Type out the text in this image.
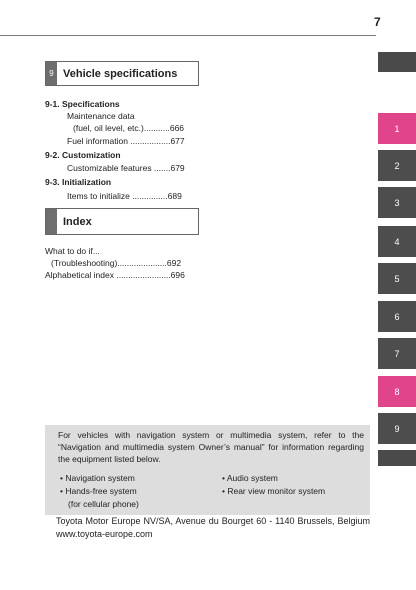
7
1
2
3
4
5
6
7
8
9
9 Vehicle specifications
9-1. Specifications
Maintenance data
(fuel, oil level, etc.)...........666
Fuel information .................677
9-2. Customization
Customizable features .......679
9-3. Initialization
Items to initialize ...............689
Index
What to do if...
(Troubleshooting).....................692
Alphabetical index .......................696
For vehicles with navigation system or multimedia system, refer to the “Navigation and multimedia system Owner’s manual” for information regarding the equipment listed below.
• Navigation system
• Hands-free system
(for cellular phone)
• Audio system
• Rear view monitor system
Toyota Motor Europe NV/SA, Avenue du Bourget 60 - 1140 Brussels, Belgium www.toyota-europe.com
